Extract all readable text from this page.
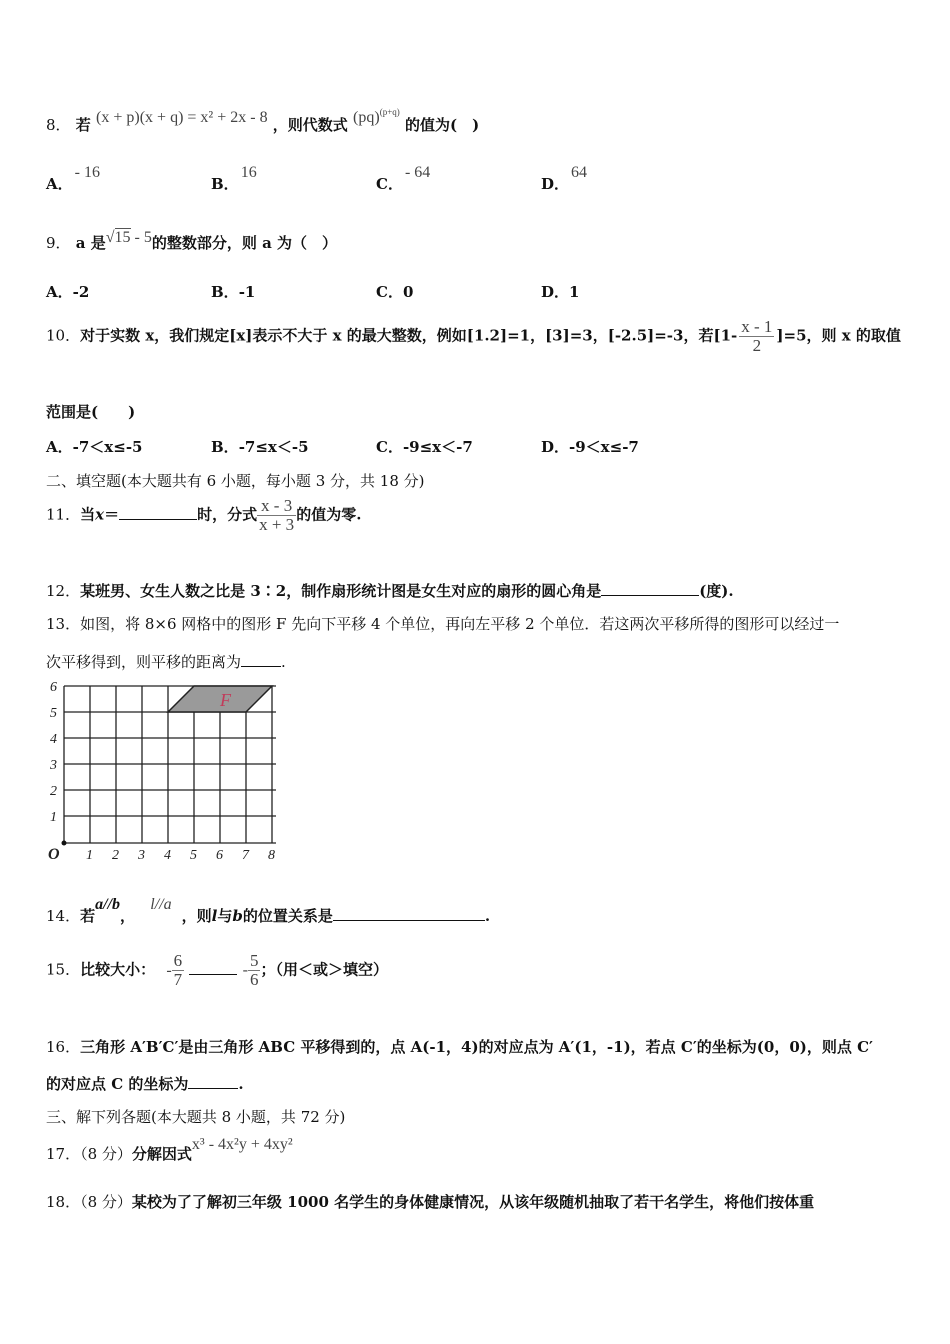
8． 若 (x + p)(x + q) = x² + 2x - 8 ，则代数式 (pq)$^{(p+q)}$ 的值为(　)
A．- 16
B．16
C．- 64
D．64
9． a 是√15 - 5的整数部分，则 a 为（　）
A．-2	B．-1	C．0	D．1
10．对于实数 x，我们规定[x]表示不大于 x 的最大整数，例如[1.2]=1，[3]=3，[-2.5]=-3，若$[1- \frac{x - 1}{2} ]=5$，则 x 的取值
范围是(　　)
A．-7＜x≤-5	B．-7≤x＜-5	C．-9≤x＜-7	D．-9＜x≤-7
二、填空题(本大题共有 6 小题，每小题 3 分，共 18 分)
11．当x＝	时，分式 $\frac{x - 3}{x + 3}$ 的值为零.
12．某班男、女生人数之比是 3∶2，制作扇形统计图是女生对应的扇形的圆心角是	(度).
13．如图，将 8×6 网格中的图形 F 先向下平移 4 个单位，再向左平移 2 个单位．若这两次平移所得的图形可以经过一
次平移得到，则平移的距离为	.
F
O 1 2 3 4 5 6 7 8
1
2
3
4
5
6
14．若a//b， l//a，则l与b的位置关系是	.
15．比较大小： - $\frac{6}{7}$	- $\frac{5}{6}$ ；（用＜或＞填空）
16．三角形 A′B′C′是由三角形 ABC 平移得到的，点 A(-1，4)的对应点为 A′(1，-1)，若点 C′的坐标为(0，0)，则点 C′
的对应点 C 的坐标为	.
三、解下列各题(本大题共 8 小题，共 72 分)
17．（8 分）分解因式x³ - 4x²y + 4xy²
18．（8 分）某校为了了解初三年级 1000 名学生的身体健康情况，从该年级随机抽取了若干名学生，将他们按体重
